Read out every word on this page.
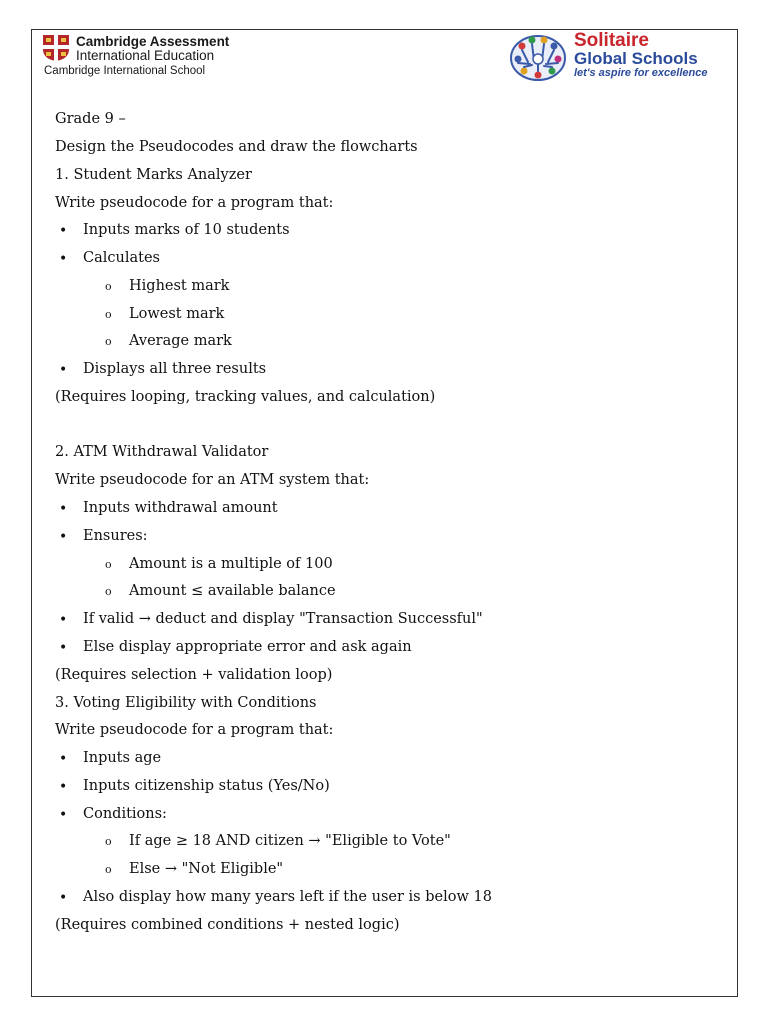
Cambridge Assessment
International Education
Cambridge International School
Solitaire
Global Schools
let's aspire for excellence
Grade 9 –
Design the Pseudocodes and draw the flowcharts
1. Student Marks Analyzer
Write pseudocode for a program that:
• Inputs marks of 10 students
• Calculates
o Highest mark
o Lowest mark
o Average mark
• Displays all three results
(Requires looping, tracking values, and calculation)
2. ATM Withdrawal Validator
Write pseudocode for an ATM system that:
• Inputs withdrawal amount
• Ensures:
o Amount is a multiple of 100
o Amount ≤ available balance
• If valid → deduct and display "Transaction Successful"
• Else display appropriate error and ask again
(Requires selection + validation loop)
3. Voting Eligibility with Conditions
Write pseudocode for a program that:
• Inputs age
• Inputs citizenship status (Yes/No)
• Conditions:
o If age ≥ 18 AND citizen → "Eligible to Vote"
o Else → "Not Eligible"
• Also display how many years left if the user is below 18
(Requires combined conditions + nested logic)
